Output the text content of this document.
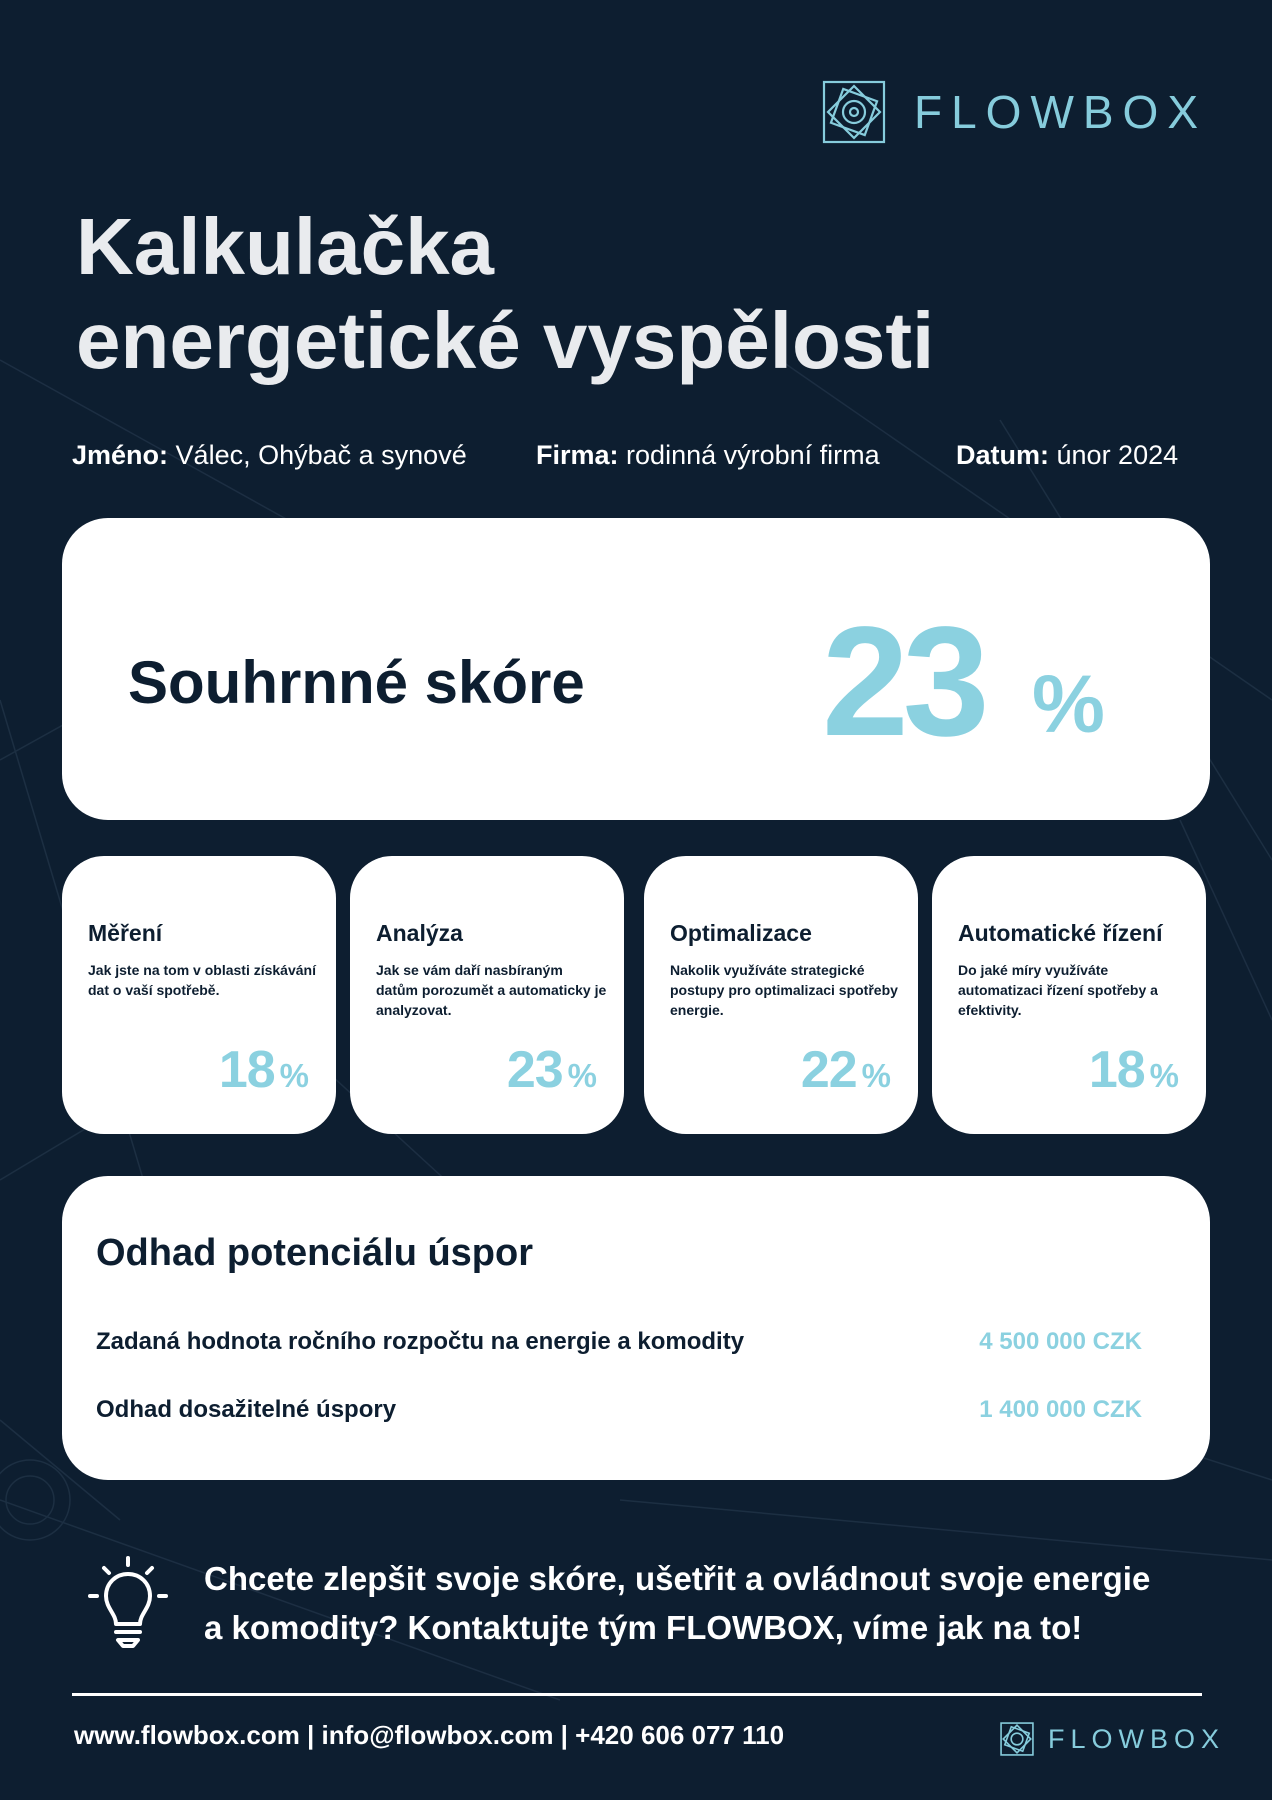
FLOWBOX
Kalkulačka
energetické vyspělosti
Jméno: Válec, Ohýbač a synové	Firma: rodinná výrobní firma	Datum: únor 2024
Souhrnné skóre 23 %
Měření
Jak jste na tom v oblasti získávání dat o vaší spotřebě.
18 %
Analýza
Jak se vám daří nasbíraným datům porozumět a automaticky je analyzovat.
23 %
Optimalizace
Nakolik využíváte strategické postupy pro optimalizaci spotřeby energie.
22 %
Automatické řízení
Do jaké míry využíváte automatizaci řízení spotřeby a efektivity.
18 %
Odhad potenciálu úspor
Zadaná hodnota ročního rozpočtu na energie a komodity	4 500 000 CZK
Odhad dosažitelné úspory	1 400 000 CZK
Chcete zlepšit svoje skóre, ušetřit a ovládnout svoje energie
a komodity? Kontaktujte tým FLOWBOX, víme jak na to!
www.flowbox.com | info@flowbox.com | +420 606 077 110	FLOWBOX
